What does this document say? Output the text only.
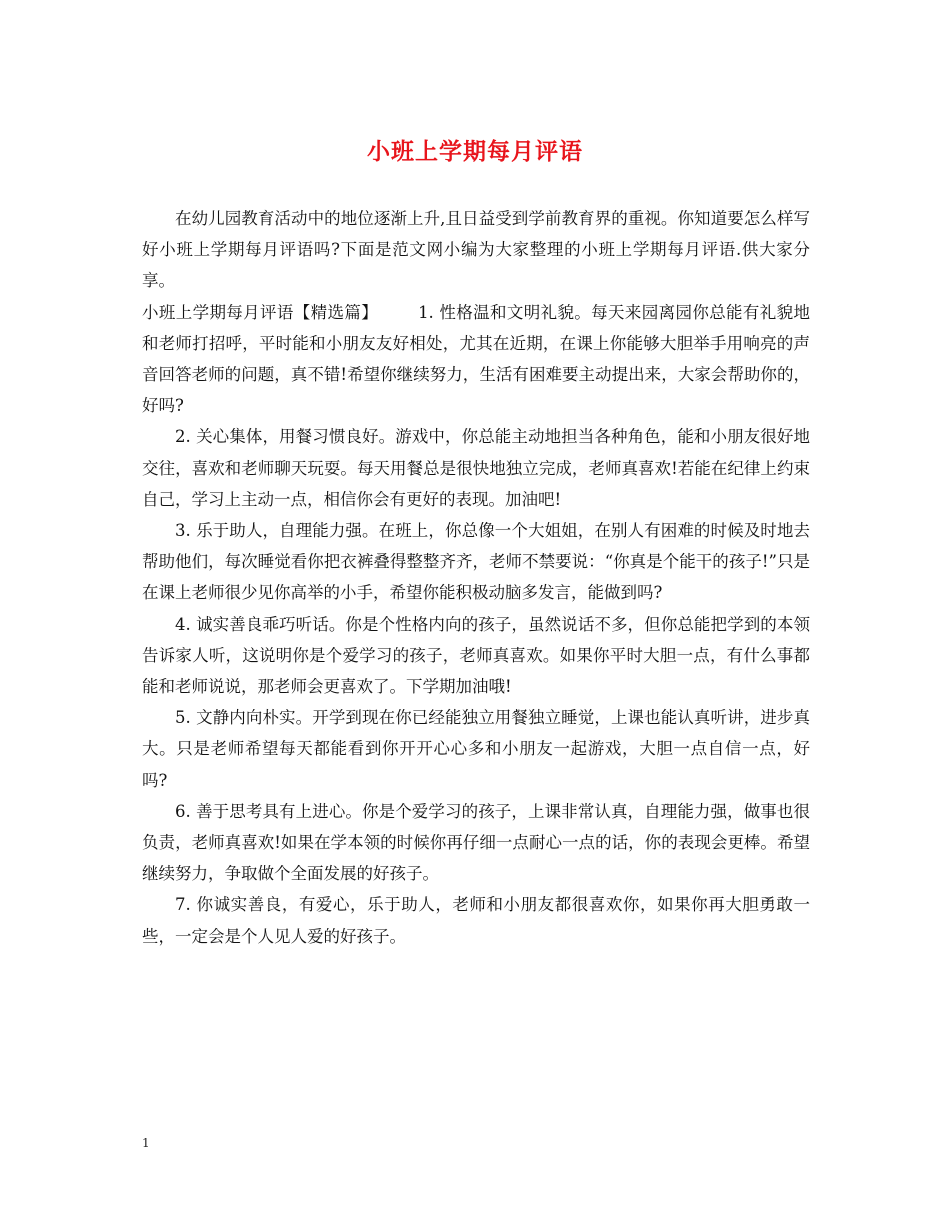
小班上学期每月评语

在幼儿园教育活动中的地位逐渐上升,且日益受到学前教育界的重视。你知道要怎么样写好小班上学期每月评语吗?下面是范文网小编为大家整理的小班上学期每月评语.供大家分享。

小班上学期每月评语【精选篇】 1. 性格温和文明礼貌。每天来园离园你总能有礼貌地和老师打招呼，平时能和小朋友友好相处，尤其在近期，在课上你能够大胆举手用响亮的声音回答老师的问题，真不错!希望你继续努力，生活有困难要主动提出来，大家会帮助你的，好吗?

2. 关心集体，用餐习惯良好。游戏中，你总能主动地担当各种角色，能和小朋友很好地交往，喜欢和老师聊天玩耍。每天用餐总是很快地独立完成，老师真喜欢!若能在纪律上约束自己，学习上主动一点，相信你会有更好的表现。加油吧!

3. 乐于助人，自理能力强。在班上，你总像一个大姐姐，在别人有困难的时候及时地去帮助他们，每次睡觉看你把衣裤叠得整整齐齐，老师不禁要说：“你真是个能干的孩子!”只是在课上老师很少见你高举的小手，希望你能积极动脑多发言，能做到吗?

4. 诚实善良乖巧听话。你是个性格内向的孩子，虽然说话不多，但你总能把学到的本领告诉家人听，这说明你是个爱学习的孩子，老师真喜欢。如果你平时大胆一点，有什么事都能和老师说说，那老师会更喜欢了。下学期加油哦!

5. 文静内向朴实。开学到现在你已经能独立用餐独立睡觉，上课也能认真听讲，进步真大。只是老师希望每天都能看到你开开心心多和小朋友一起游戏，大胆一点自信一点，好吗?

6. 善于思考具有上进心。你是个爱学习的孩子，上课非常认真，自理能力强，做事也很负责，老师真喜欢!如果在学本领的时候你再仔细一点耐心一点的话，你的表现会更棒。希望继续努力，争取做个全面发展的好孩子。

7. 你诚实善良，有爱心，乐于助人，老师和小朋友都很喜欢你，如果你再大胆勇敢一些，一定会是个人见人爱的好孩子。

1
